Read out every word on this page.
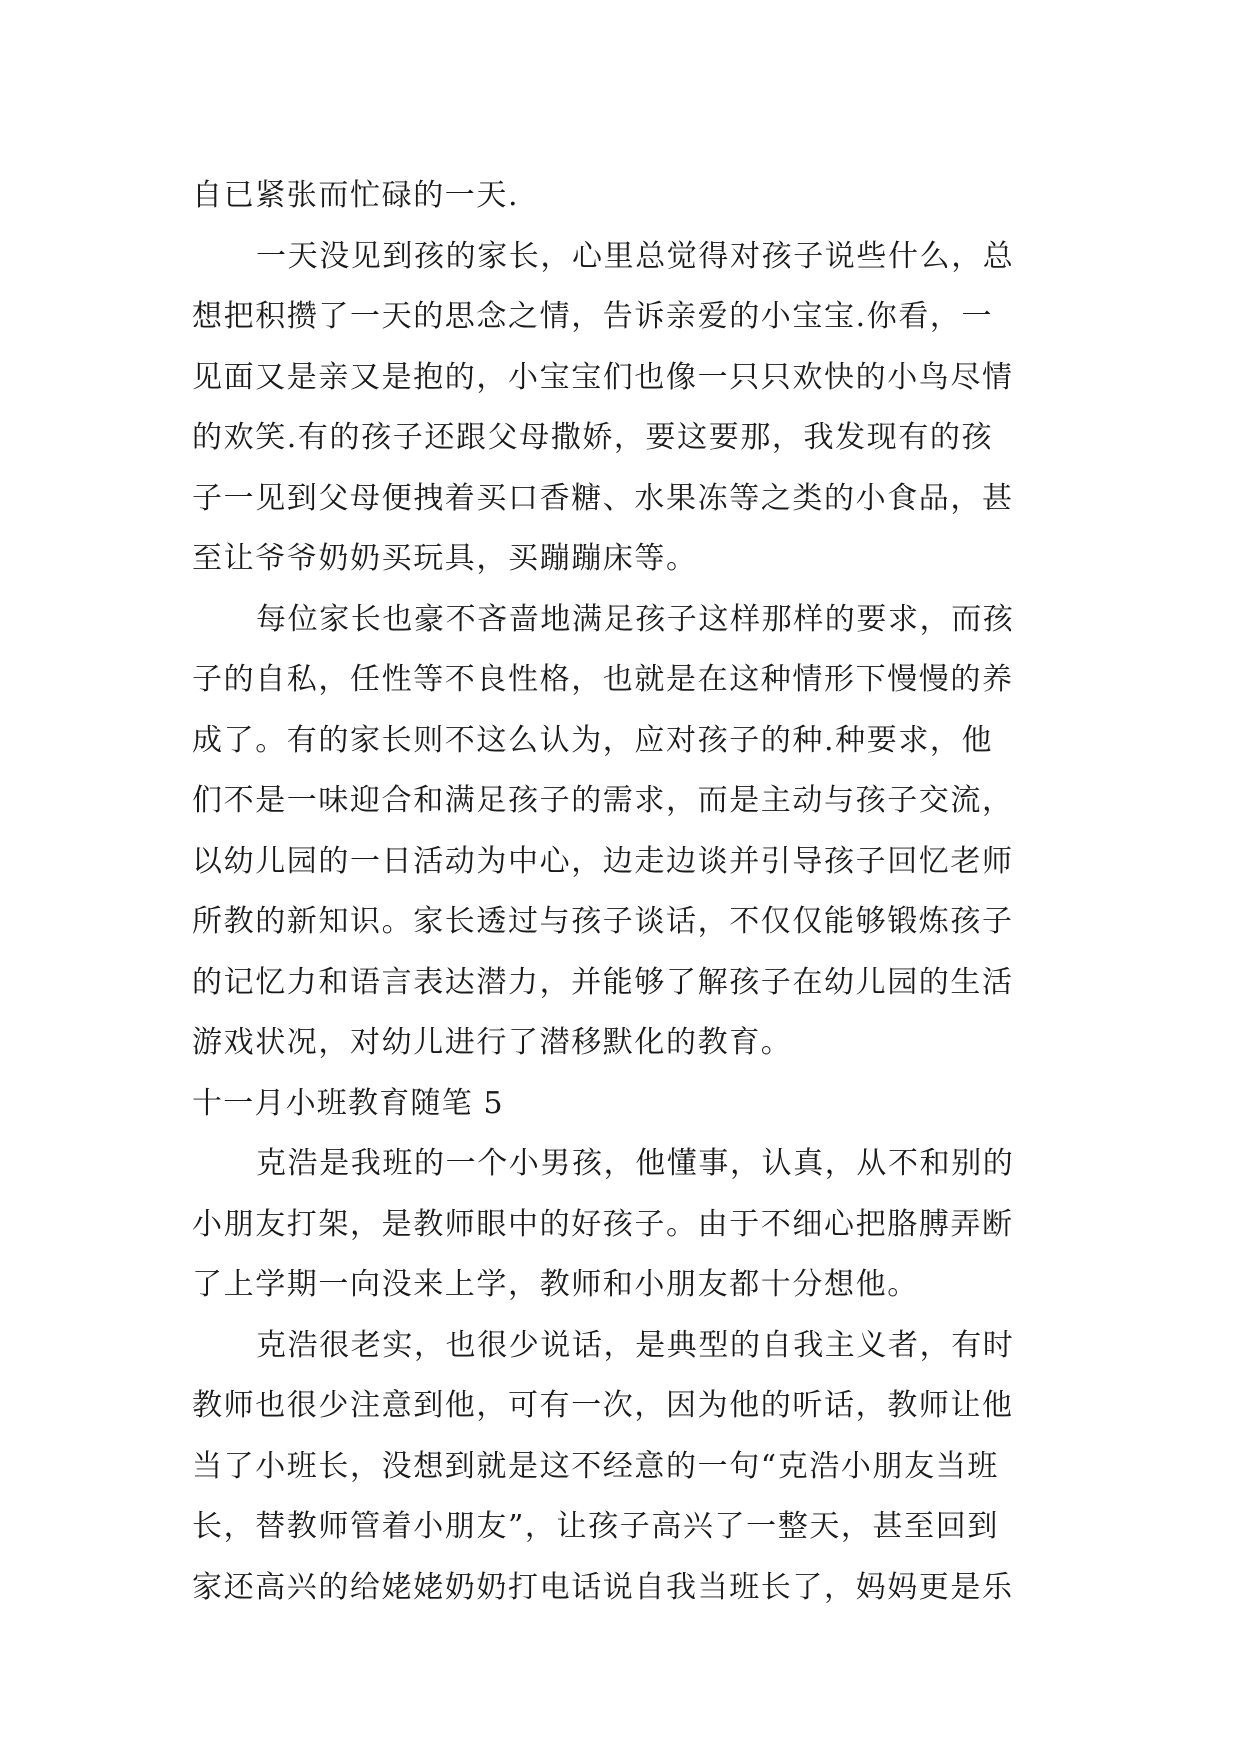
自已紧张而忙碌的一天.
一天没见到孩的家长，心里总觉得对孩子说些什么，总
想把积攒了一天的思念之情，告诉亲爱的小宝宝.你看，一
见面又是亲又是抱的，小宝宝们也像一只只欢快的小鸟尽情
的欢笑.有的孩子还跟父母撒娇，要这要那，我发现有的孩
子一见到父母便拽着买口香糖、水果冻等之类的小食品，甚
至让爷爷奶奶买玩具，买蹦蹦床等。
每位家长也豪不吝啬地满足孩子这样那样的要求，而孩
子的自私，任性等不良性格，也就是在这种情形下慢慢的养
成了。有的家长则不这么认为，应对孩子的种.种要求，他
们不是一味迎合和满足孩子的需求，而是主动与孩子交流，
以幼儿园的一日活动为中心，边走边谈并引导孩子回忆老师
所教的新知识。家长透过与孩子谈话，不仅仅能够锻炼孩子
的记忆力和语言表达潜力，并能够了解孩子在幼儿园的生活
游戏状况，对幼儿进行了潜移默化的教育。
十一月小班教育随笔 5
克浩是我班的一个小男孩，他懂事，认真，从不和别的
小朋友打架，是教师眼中的好孩子。由于不细心把胳膊弄断
了上学期一向没来上学，教师和小朋友都十分想他。
克浩很老实，也很少说话，是典型的自我主义者，有时
教师也很少注意到他，可有一次，因为他的听话，教师让他
当了小班长，没想到就是这不经意的一句“克浩小朋友当班
长，替教师管着小朋友”，让孩子高兴了一整天，甚至回到
家还高兴的给姥姥奶奶打电话说自我当班长了，妈妈更是乐
